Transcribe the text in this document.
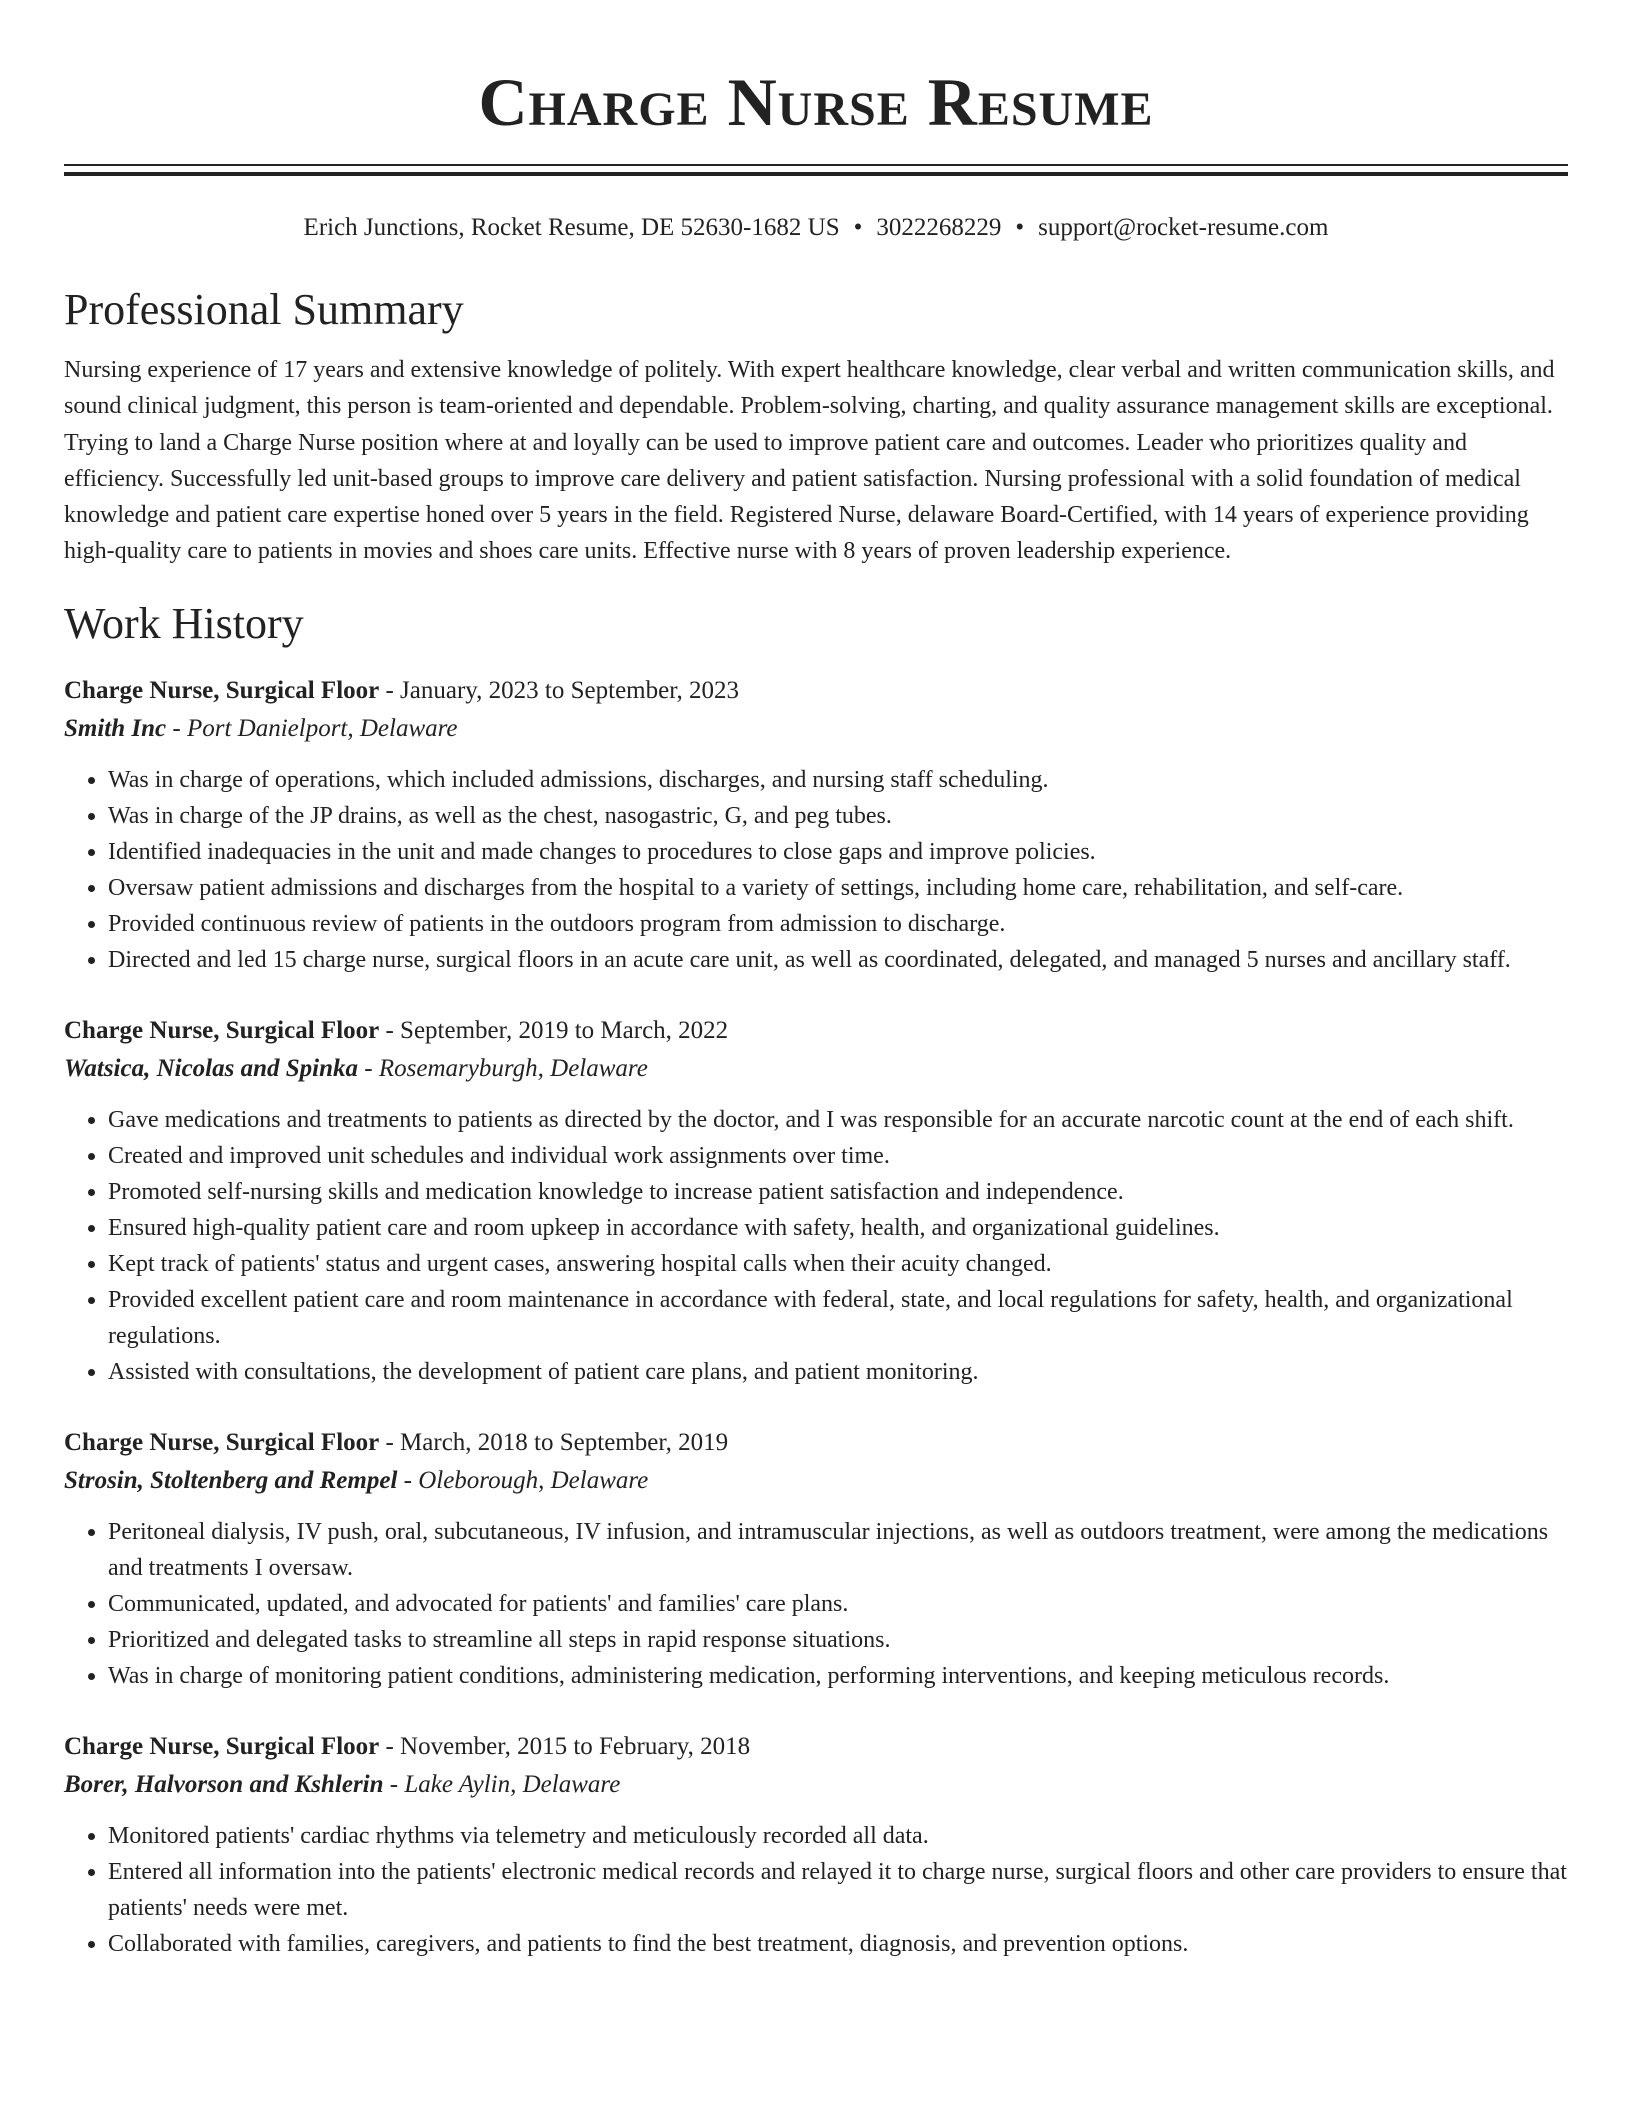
Charge Nurse Resume
Erich Junctions, Rocket Resume, DE 52630-1682 US • 3022268229 • support@rocket-resume.com
Professional Summary

Nursing experience of 17 years and extensive knowledge of politely. With expert healthcare knowledge, clear verbal and written communication skills, and sound clinical judgment, this person is team-oriented and dependable. Problem-solving, charting, and quality assurance management skills are exceptional. Trying to land a Charge Nurse position where at and loyally can be used to improve patient care and outcomes. Leader who prioritizes quality and efficiency. Successfully led unit-based groups to improve care delivery and patient satisfaction. Nursing professional with a solid foundation of medical knowledge and patient care expertise honed over 5 years in the field. Registered Nurse, delaware Board-Certified, with 14 years of experience providing high-quality care to patients in movies and shoes care units. Effective nurse with 8 years of proven leadership experience.

Work History
Charge Nurse, Surgical Floor - January, 2023 to September, 2023
Smith Inc - Port Danielport, Delaware
• Was in charge of operations, which included admissions, discharges, and nursing staff scheduling.
• Was in charge of the JP drains, as well as the chest, nasogastric, G, and peg tubes.
• Identified inadequacies in the unit and made changes to procedures to close gaps and improve policies.
• Oversaw patient admissions and discharges from the hospital to a variety of settings, including home care, rehabilitation, and self-care.
• Provided continuous review of patients in the outdoors program from admission to discharge.
• Directed and led 15 charge nurse, surgical floors in an acute care unit, as well as coordinated, delegated, and managed 5 nurses and ancillary staff.
Charge Nurse, Surgical Floor - September, 2019 to March, 2022
Watsica, Nicolas and Spinka - Rosemaryburgh, Delaware
• Gave medications and treatments to patients as directed by the doctor, and I was responsible for an accurate narcotic count at the end of each shift.
• Created and improved unit schedules and individual work assignments over time.
• Promoted self-nursing skills and medication knowledge to increase patient satisfaction and independence.
• Ensured high-quality patient care and room upkeep in accordance with safety, health, and organizational guidelines.
• Kept track of patients' status and urgent cases, answering hospital calls when their acuity changed.
• Provided excellent patient care and room maintenance in accordance with federal, state, and local regulations for safety, health, and organizational regulations.
• Assisted with consultations, the development of patient care plans, and patient monitoring.
Charge Nurse, Surgical Floor - March, 2018 to September, 2019
Strosin, Stoltenberg and Rempel - Oleborough, Delaware
• Peritoneal dialysis, IV push, oral, subcutaneous, IV infusion, and intramuscular injections, as well as outdoors treatment, were among the medications and treatments I oversaw.
• Communicated, updated, and advocated for patients' and families' care plans.
• Prioritized and delegated tasks to streamline all steps in rapid response situations.
• Was in charge of monitoring patient conditions, administering medication, performing interventions, and keeping meticulous records.
Charge Nurse, Surgical Floor - November, 2015 to February, 2018
Borer, Halvorson and Kshlerin - Lake Aylin, Delaware
• Monitored patients' cardiac rhythms via telemetry and meticulously recorded all data.
• Entered all information into the patients' electronic medical records and relayed it to charge nurse, surgical floors and other care providers to ensure that patients' needs were met.
• Collaborated with families, caregivers, and patients to find the best treatment, diagnosis, and prevention options.
